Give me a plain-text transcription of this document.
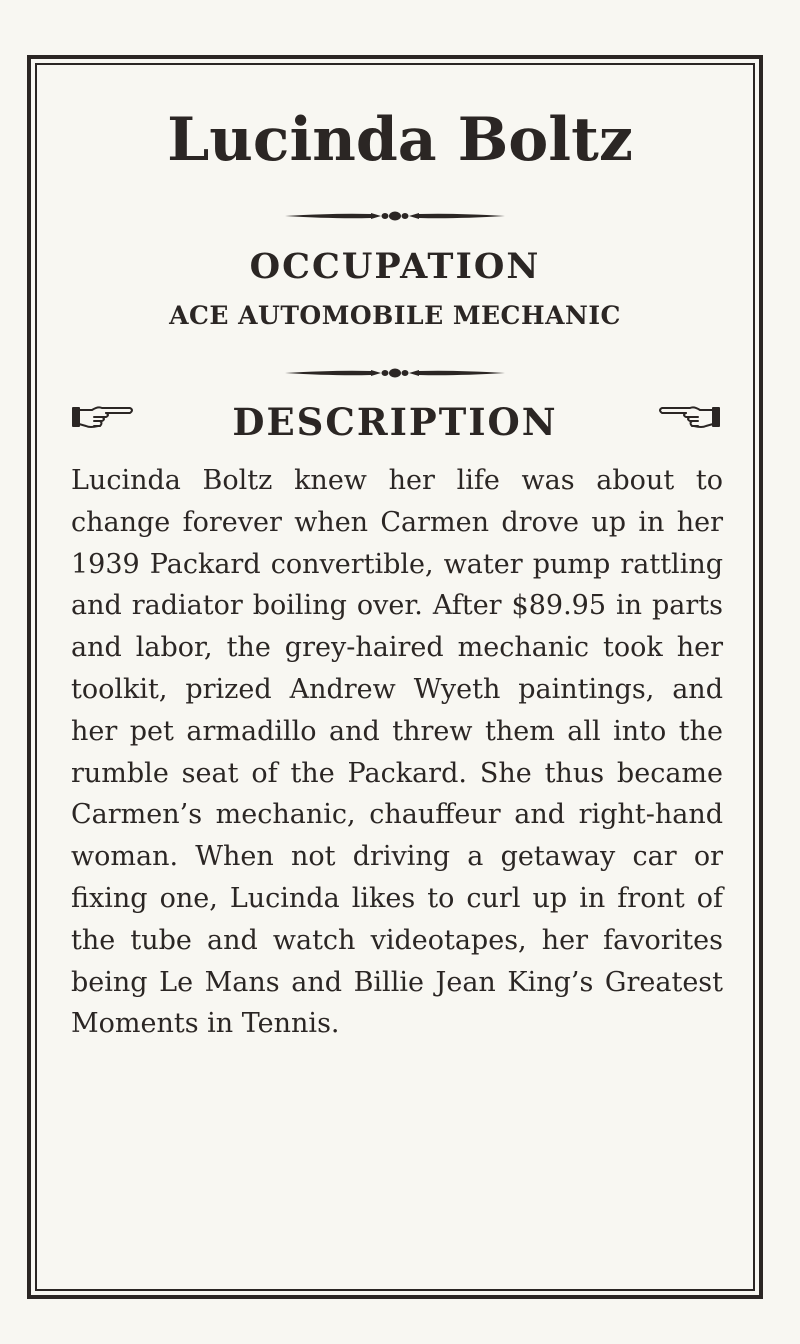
Lucinda Boltz
OCCUPATION
ACE AUTOMOBILE MECHANIC
DESCRIPTION

Lucinda Boltz knew her life was about to change forever when Carmen drove up in her 1939 Packard convertible, water pump rattling and radiator boiling over. After $89.95 in parts and labor, the grey-haired mechanic took her toolkit, prized Andrew Wyeth paintings, and her pet armadillo and threw them all into the rumble seat of the Packard. She thus became Carmen’s mechanic, chauffeur and right-hand woman. When not driving a getaway car or fixing one, Lucinda likes to curl up in front of the tube and watch videotapes, her favorites being Le Mans and Billie Jean King’s Greatest Moments in Tennis.
